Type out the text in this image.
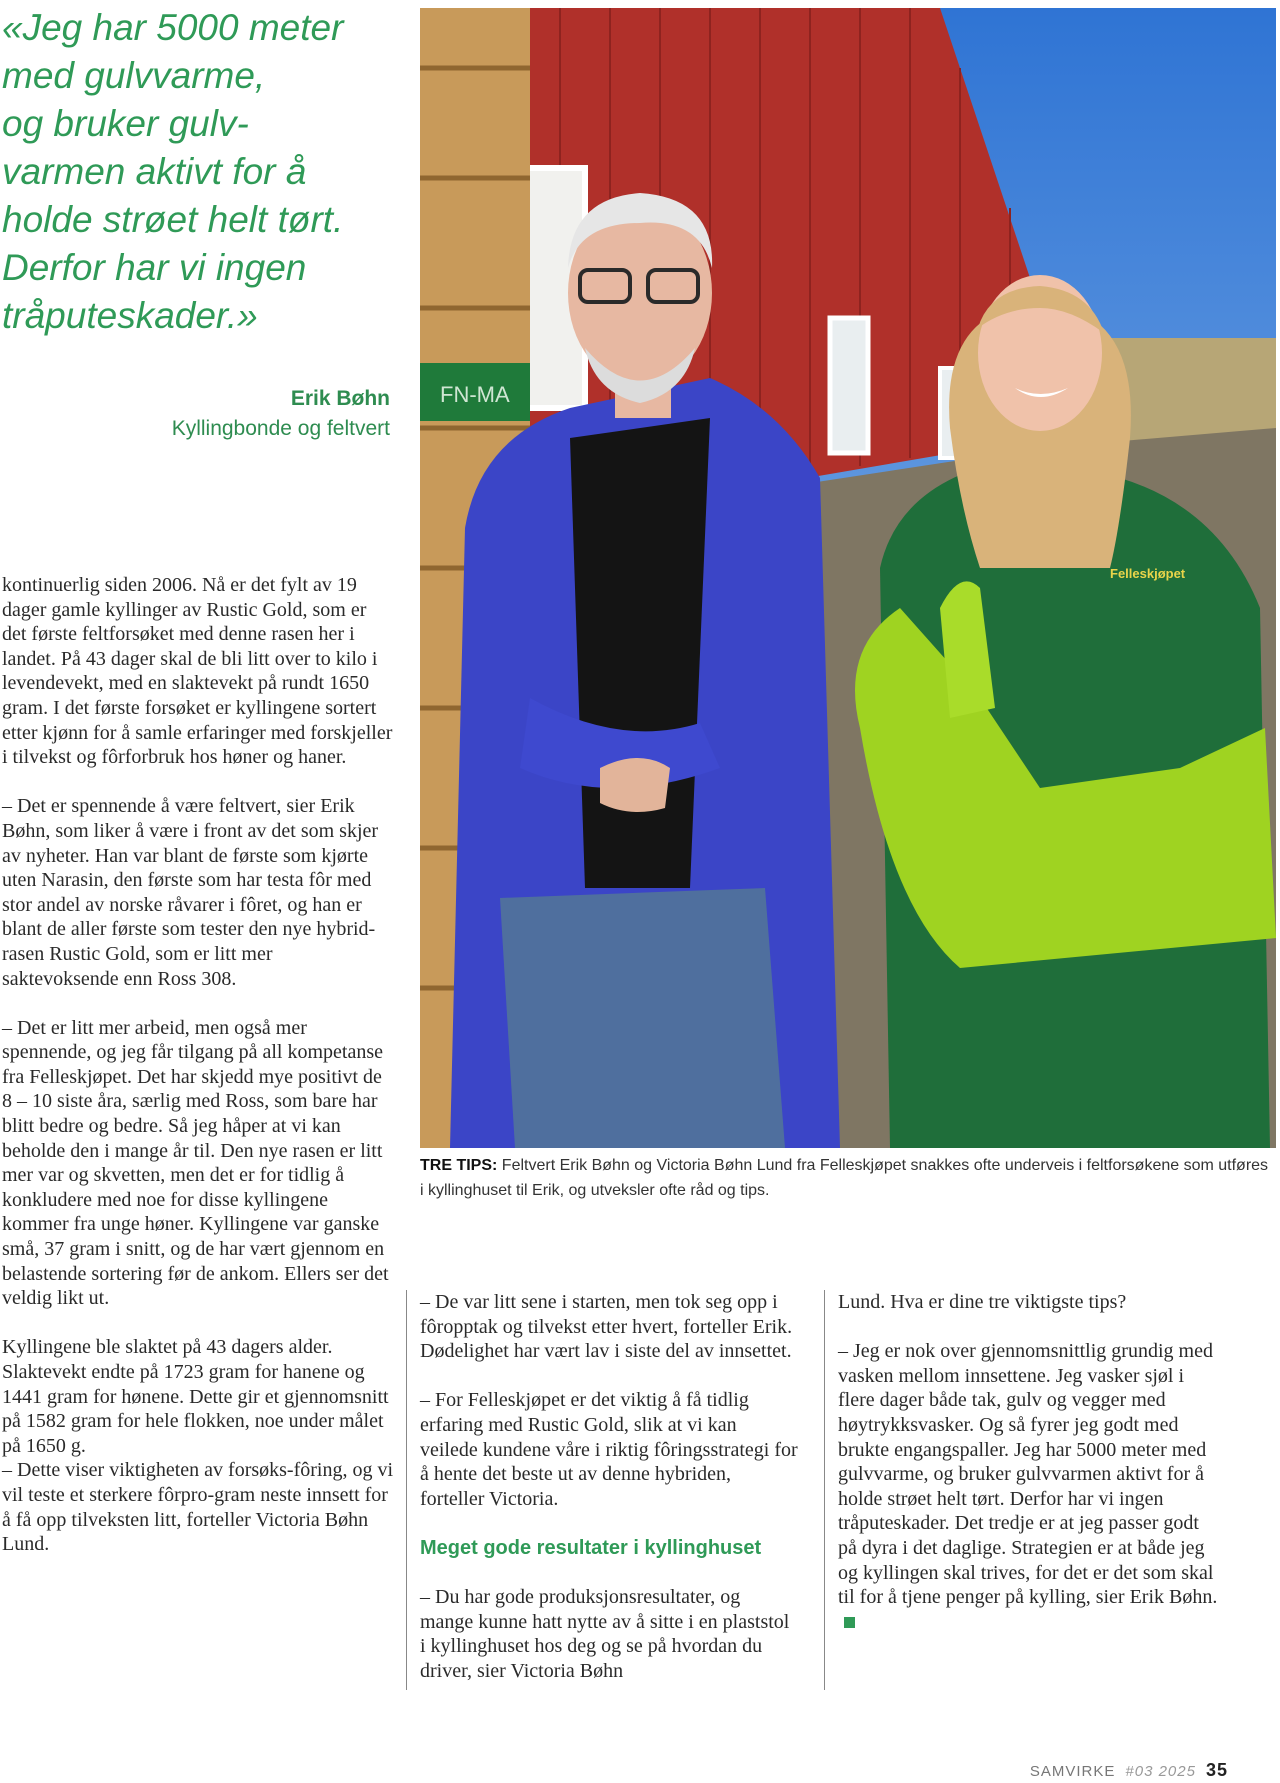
«Jeg har 5000 meter
med gulvvarme,
og bruker gulv-
varmen aktivt for å
holde strøet helt tørt.
Derfor har vi ingen
tråputeskader.»

Erik Bøhn
Kyllingbonde og feltvert

kontinuerlig siden 2006. Nå er det fylt av 19 dager gamle kyllinger av Rustic Gold, som er det første feltforsøket med denne rasen her i landet. På 43 dager skal de bli litt over to kilo i levendevekt, med en slaktevekt på rundt 1650 gram. I det første forsøket er kyllingene sortert etter kjønn for å samle erfaringer med forskjeller i tilvekst og fôrforbruk hos høner og haner.

– Det er spennende å være feltvert, sier Erik Bøhn, som liker å være i front av det som skjer av nyheter. Han var blant de første som kjørte uten Narasin, den første som har testa fôr med stor andel av norske råvarer i fôret, og han er blant de aller første som tester den nye hybrid-rasen Rustic Gold, som er litt mer saktevoksende enn Ross 308.

– Det er litt mer arbeid, men også mer spennende, og jeg får tilgang på all kompetanse fra Felleskjøpet. Det har skjedd mye positivt de 8 – 10 siste åra, særlig med Ross, som bare har blitt bedre og bedre. Så jeg håper at vi kan beholde den i mange år til. Den nye rasen er litt mer var og skvetten, men det er for tidlig å konkludere med noe for disse kyllingene kommer fra unge høner. Kyllingene var ganske små, 37 gram i snitt, og de har vært gjennom en belastende sortering før de ankom. Ellers ser det veldig likt ut.

Kyllingene ble slaktet på 43 dagers alder. Slaktevekt endte på 1723 gram for hanene og 1441 gram for hønene. Dette gir et gjennomsnitt på 1582 gram for hele flokken, noe under målet på 1650 g.

– Dette viser viktigheten av forsøks-fôring, og vi vil teste et sterkere fôrpro-gram neste innsett for å få opp tilveksten litt, forteller Victoria Bøhn Lund.

FN-MA
Felleskjøpet
TRE TIPS: Feltvert Erik Bøhn og Victoria Bøhn Lund fra Felleskjøpet snakkes ofte underveis i feltforsøkene som utføres i kyllinghuset til Erik, og utveksler ofte råd og tips.

– De var litt sene i starten, men tok seg opp i fôropptak og tilvekst etter hvert, forteller Erik. Dødelighet har vært lav i siste del av innsettet.

– For Felleskjøpet er det viktig å få tidlig erfaring med Rustic Gold, slik at vi kan veilede kundene våre i riktig fôringsstrategi for å hente det beste ut av denne hybriden, forteller Victoria.

Meget gode resultater i kyllinghuset

– Du har gode produksjonsresultater, og mange kunne hatt nytte av å sitte i en plaststol i kyllinghuset hos deg og se på hvordan du driver, sier Victoria Bøhn

Lund. Hva er dine tre viktigste tips?

– Jeg er nok over gjennomsnittlig grundig med vasken mellom innsettene. Jeg vasker sjøl i flere dager både tak, gulv og vegger med høytrykksvasker. Og så fyrer jeg godt med brukte engangspaller. Jeg har 5000 meter med gulvvarme, og bruker gulvvarmen aktivt for å holde strøet helt tørt. Derfor har vi ingen tråputeskader. Det tredje er at jeg passer godt på dyra i det daglige. Strategien er at både jeg og kyllingen skal trives, for det er det som skal til for å tjene penger på kylling, sier Erik Bøhn.

SAMVIRKE #03 2025 35
